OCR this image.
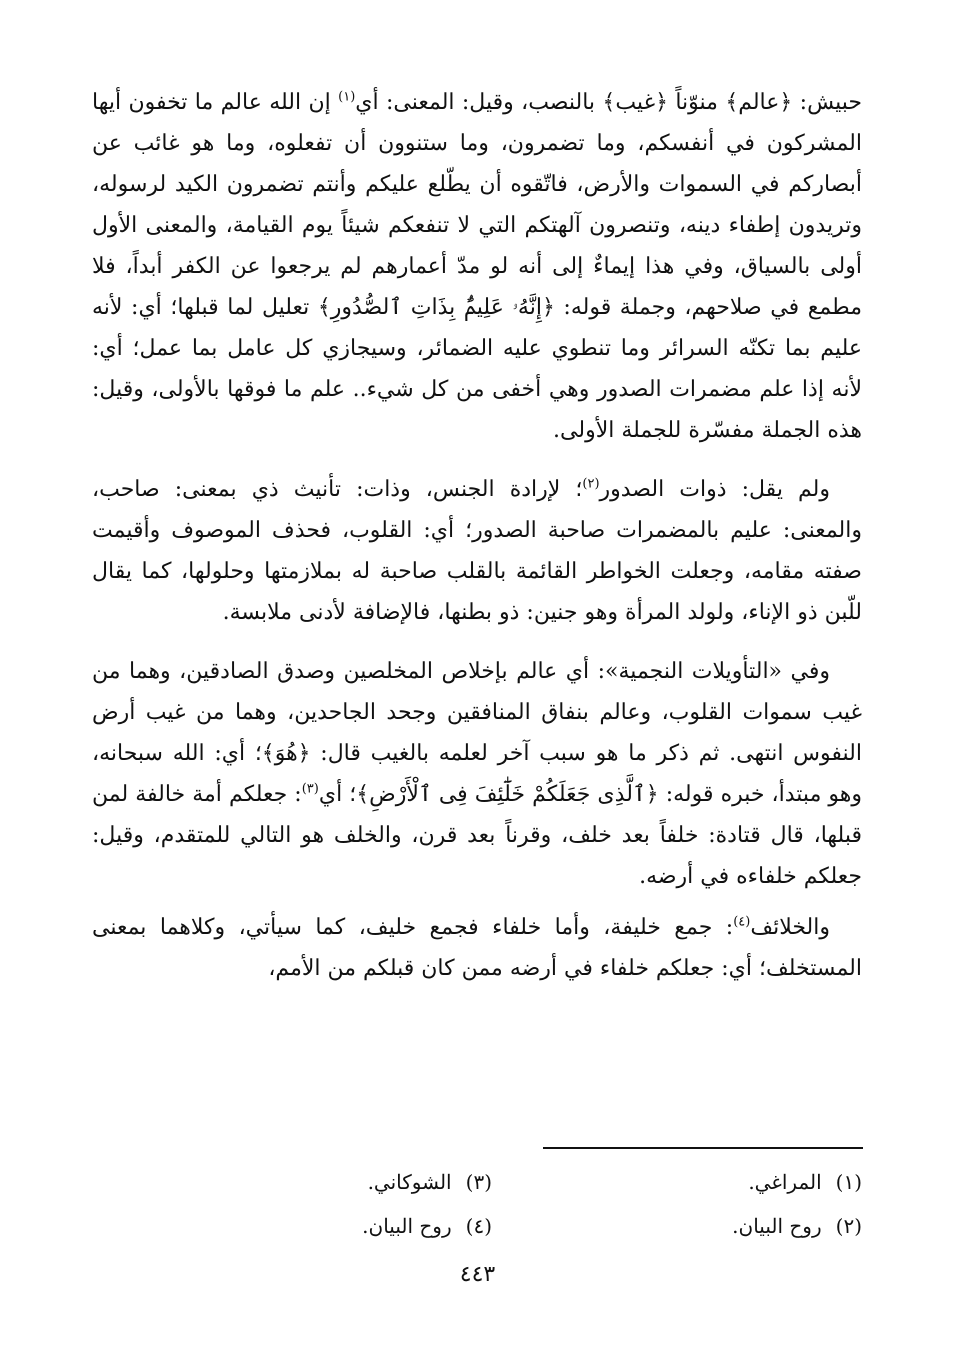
حبيش: ﴿عالم﴾ منوّناً ﴿غيب﴾ بالنصب، وقيل: المعنى: أي$^{(١)}$ إن الله عالم ما تخفون أيها المشركون في أنفسكم، وما تضمرون، وما ستنوون أن تفعلوه، وما هو غائب عن أبصاركم في السموات والأرض، فاتّقوه أن يطّلع عليكم وأنتم تضمرون الكيد لرسوله، وتريدون إطفاء دينه، وتنصرون آلهتكم التي لا تنفعكم شيئاً يوم القيامة، والمعنى الأول أولى بالسياق، وفي هذا إيماءٌ إلى أنه لو مدّ أعمارهم لم يرجعوا عن الكفر أبداً، فلا مطمع في صلاحهم، وجملة قوله: ﴿إِنَّهُۥ عَلِيمٌۢ بِذَاتِ ٱلصُّدُورِ﴾ تعليل لما قبلها؛ أي: لأنه عليم بما تكنّه السرائر وما تنطوي عليه الضمائر، وسيجازي كل عامل بما عمل؛ أي: لأنه إذا علم مضمرات الصدور وهي أخفى من كل شيء.. علم ما فوقها بالأولى، وقيل: هذه الجملة مفسّرة للجملة الأولى.

ولم يقل: ذوات الصدور$^{(٢)}$؛ لإرادة الجنس، وذات: تأنيث ذي بمعنى: صاحب، والمعنى: عليم بالمضمرات صاحبة الصدور؛ أي: القلوب، فحذف الموصوف وأقيمت صفته مقامه، وجعلت الخواطر القائمة بالقلب صاحبة له بملازمتها وحلولها، كما يقال للّبن ذو الإناء، ولولد المرأة وهو جنين: ذو بطنها، فالإضافة لأدنى ملابسة.

وفي «التأويلات النجمية»: أي عالم بإخلاص المخلصين وصدق الصادقين، وهما من غيب سموات القلوب، وعالم بنفاق المنافقين وجحد الجاحدين، وهما من غيب أرض النفوس انتهى. ثم ذكر ما هو سبب آخر لعلمه بالغيب قال: ﴿هُوَ﴾؛ أي: الله سبحانه، وهو مبتدأ، خبره قوله: ﴿ٱلَّذِى جَعَلَكُمْ خَلَٰٓئِفَ فِى ٱلْأَرْضِ﴾؛ أي$^{(٣)}$: جعلكم أمة خالفة لمن قبلها، قال قتادة: خلفاً بعد خلف، وقرناً بعد قرن، والخلف هو التالي للمتقدم، وقيل: جعلكم خلفاءه في أرضه.

والخلائف$^{(٤)}$: جمع خليفة، وأما خلفاء فجمع خليف، كما سيأتي، وكلاهما بمعنى المستخلف؛ أي: جعلكم خلفاء في أرضه ممن كان قبلكم من الأمم،

(١)
المراغي.
(٣)
الشوكاني.
(٢)
روح البيان.
(٤)
روح البيان.
٤٤٣
